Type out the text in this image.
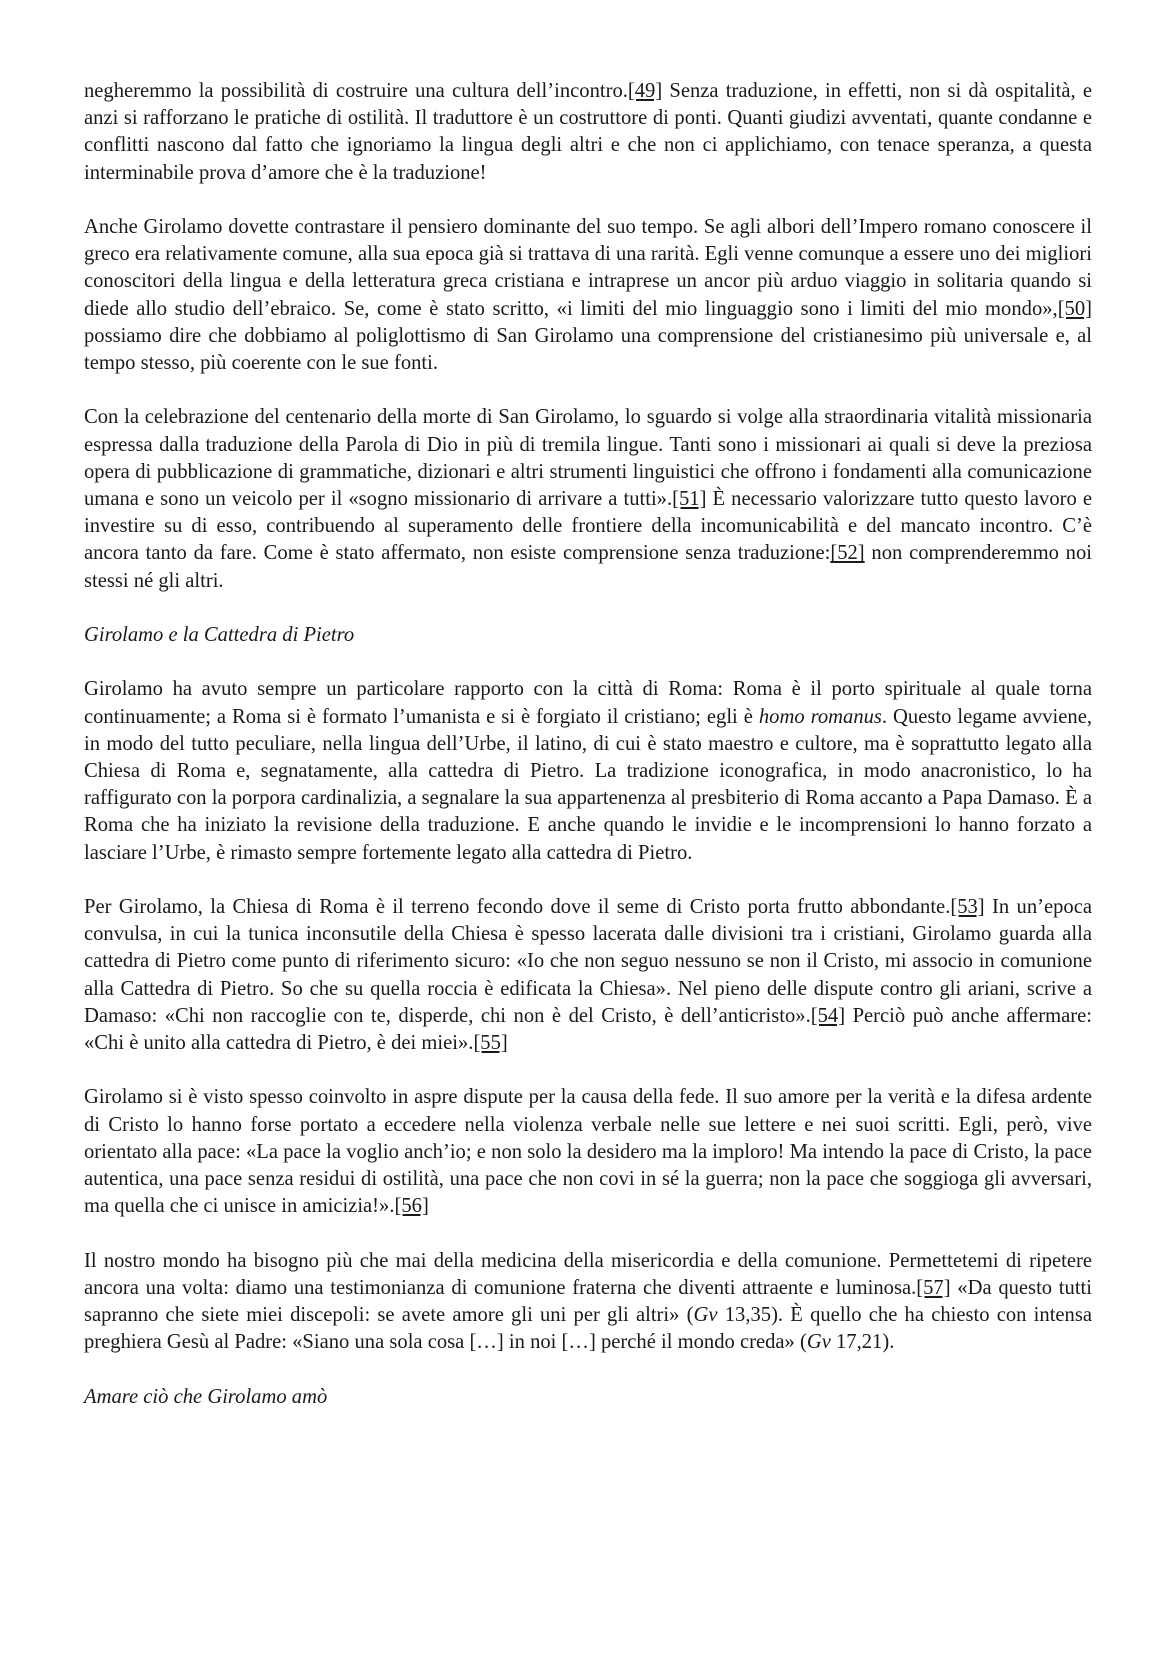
negheremmo la possibilità di costruire una cultura dell’incontro.[49] Senza traduzione, in effetti, non si dà ospitalità, e anzi si rafforzano le pratiche di ostilità. Il traduttore è un costruttore di ponti. Quanti giudizi avventati, quante condanne e conflitti nascono dal fatto che ignoriamo la lingua degli altri e che non ci applichiamo, con tenace speranza, a questa interminabile prova d’amore che è la traduzione!

Anche Girolamo dovette contrastare il pensiero dominante del suo tempo. Se agli albori dell’Impero romano conoscere il greco era relativamente comune, alla sua epoca già si trattava di una rarità. Egli venne comunque a essere uno dei migliori conoscitori della lingua e della letteratura greca cristiana e intraprese un ancor più arduo viaggio in solitaria quando si diede allo studio dell’ebraico. Se, come è stato scritto, «i limiti del mio linguaggio sono i limiti del mio mondo»,[50] possiamo dire che dobbiamo al poliglottismo di San Girolamo una comprensione del cristianesimo più universale e, al tempo stesso, più coerente con le sue fonti.

Con la celebrazione del centenario della morte di San Girolamo, lo sguardo si volge alla straordinaria vitalità missionaria espressa dalla traduzione della Parola di Dio in più di tremila lingue. Tanti sono i missionari ai quali si deve la preziosa opera di pubblicazione di grammatiche, dizionari e altri strumenti linguistici che offrono i fondamenti alla comunicazione umana e sono un veicolo per il «sogno missionario di arrivare a tutti».[51] È necessario valorizzare tutto questo lavoro e investire su di esso, contribuendo al superamento delle frontiere della incomunicabilità e del mancato incontro. C’è ancora tanto da fare. Come è stato affermato, non esiste comprensione senza traduzione:[52] non comprenderemmo noi stessi né gli altri.

Girolamo e la Cattedra di Pietro

Girolamo ha avuto sempre un particolare rapporto con la città di Roma: Roma è il porto spirituale al quale torna continuamente; a Roma si è formato l’umanista e si è forgiato il cristiano; egli è homo romanus. Questo legame avviene, in modo del tutto peculiare, nella lingua dell’Urbe, il latino, di cui è stato maestro e cultore, ma è soprattutto legato alla Chiesa di Roma e, segnatamente, alla cattedra di Pietro. La tradizione iconografica, in modo anacronistico, lo ha raffigurato con la porpora cardinalizia, a segnalare la sua appartenenza al presbiterio di Roma accanto a Papa Damaso. È a Roma che ha iniziato la revisione della traduzione. E anche quando le invidie e le incomprensioni lo hanno forzato a lasciare l’Urbe, è rimasto sempre fortemente legato alla cattedra di Pietro.

Per Girolamo, la Chiesa di Roma è il terreno fecondo dove il seme di Cristo porta frutto abbondante.[53] In un’epoca convulsa, in cui la tunica inconsutile della Chiesa è spesso lacerata dalle divisioni tra i cristiani, Girolamo guarda alla cattedra di Pietro come punto di riferimento sicuro: «Io che non seguo nessuno se non il Cristo, mi associo in comunione alla Cattedra di Pietro. So che su quella roccia è edificata la Chiesa». Nel pieno delle dispute contro gli ariani, scrive a Damaso: «Chi non raccoglie con te, disperde, chi non è del Cristo, è dell’anticristo».[54] Perciò può anche affermare: «Chi è unito alla cattedra di Pietro, è dei miei».[55]

Girolamo si è visto spesso coinvolto in aspre dispute per la causa della fede. Il suo amore per la verità e la difesa ardente di Cristo lo hanno forse portato a eccedere nella violenza verbale nelle sue lettere e nei suoi scritti. Egli, però, vive orientato alla pace: «La pace la voglio anch’io; e non solo la desidero ma la imploro! Ma intendo la pace di Cristo, la pace autentica, una pace senza residui di ostilità, una pace che non covi in sé la guerra; non la pace che soggioga gli avversari, ma quella che ci unisce in amicizia!».[56]

Il nostro mondo ha bisogno più che mai della medicina della misericordia e della comunione. Permettetemi di ripetere ancora una volta: diamo una testimonianza di comunione fraterna che diventi attraente e luminosa.[57] «Da questo tutti sapranno che siete miei discepoli: se avete amore gli uni per gli altri» (Gv 13,35). È quello che ha chiesto con intensa preghiera Gesù al Padre: «Siano una sola cosa […] in noi […] perché il mondo creda» (Gv 17,21).

Amare ciò che Girolamo amò
